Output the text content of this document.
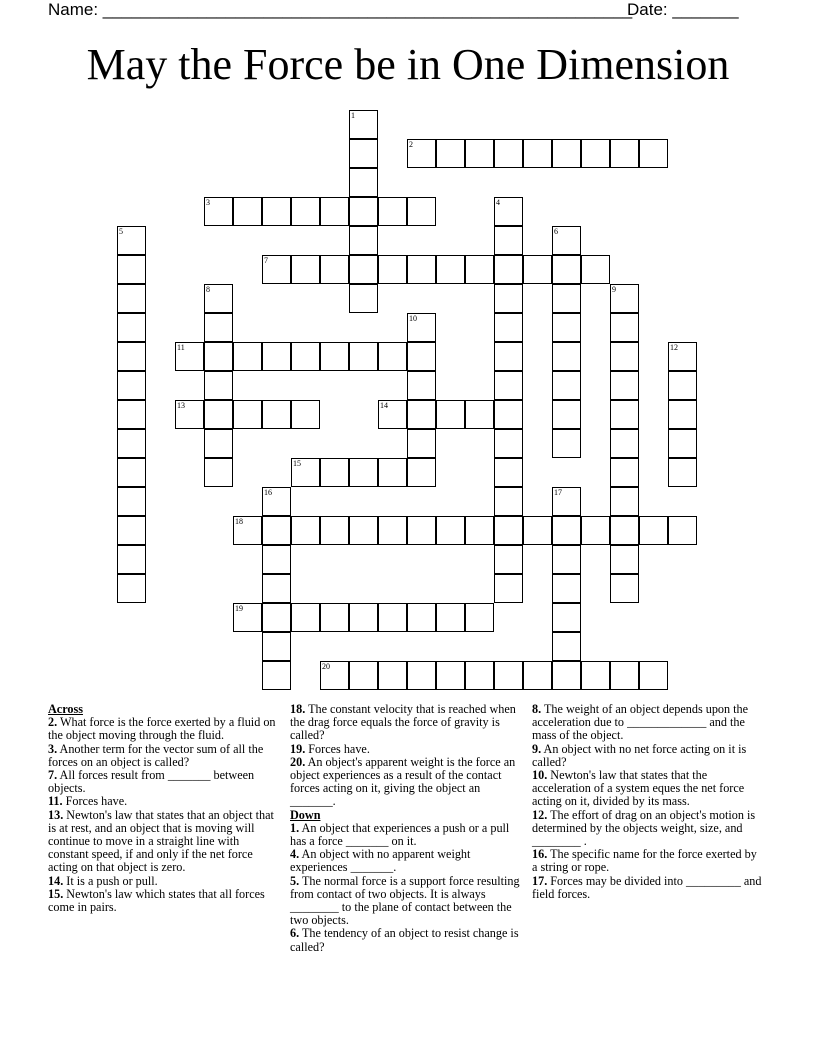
Name: ________________________________________________________
Date: _______
May the Force be in One Dimension
1
2
3	4
5	6
7
8	9
10
11	12
13	14
15
16	17
18
19
20

Across

2. What force is the force exerted by a fluid on the object moving through the fluid.

3. Another term for the vector sum of all the forces on an object is called?

7. All forces result from _______ between objects.

11. Forces have.

13. Newton's law that states that an object that is at rest, and an object that is moving will continue to move in a straight line with constant speed, if and only if the net force acting on that object is zero.

14. It is a push or pull.

15. Newton's law which states that all forces come in pairs.

18. The constant velocity that is reached when the drag force equals the force of gravity is called?

19. Forces have.

20. An object's apparent weight is the force an object experiences as a result of the contact forces acting on it, giving the object an _______.

Down

1. An object that experiences a push or a pull has a force _______ on it.

4. An object with no apparent weight experiences _______.

5. The normal force is a support force resulting from contact of two objects. It is always ________ to the plane of contact between the two objects.

6. The tendency of an object to resist change is called?

8. The weight of an object depends upon the acceleration due to _____________ and the mass of the object.

9. An object with no net force acting on it is called?

10. Newton's law that states that the acceleration of a system eques the net force acting on it, divided by its mass.

12. The effort of drag on an object's motion is determined by the objects weight, size, and ________ .

16. The specific name for the force exerted by a string or rope.

17. Forces may be divided into _________ and field forces.
